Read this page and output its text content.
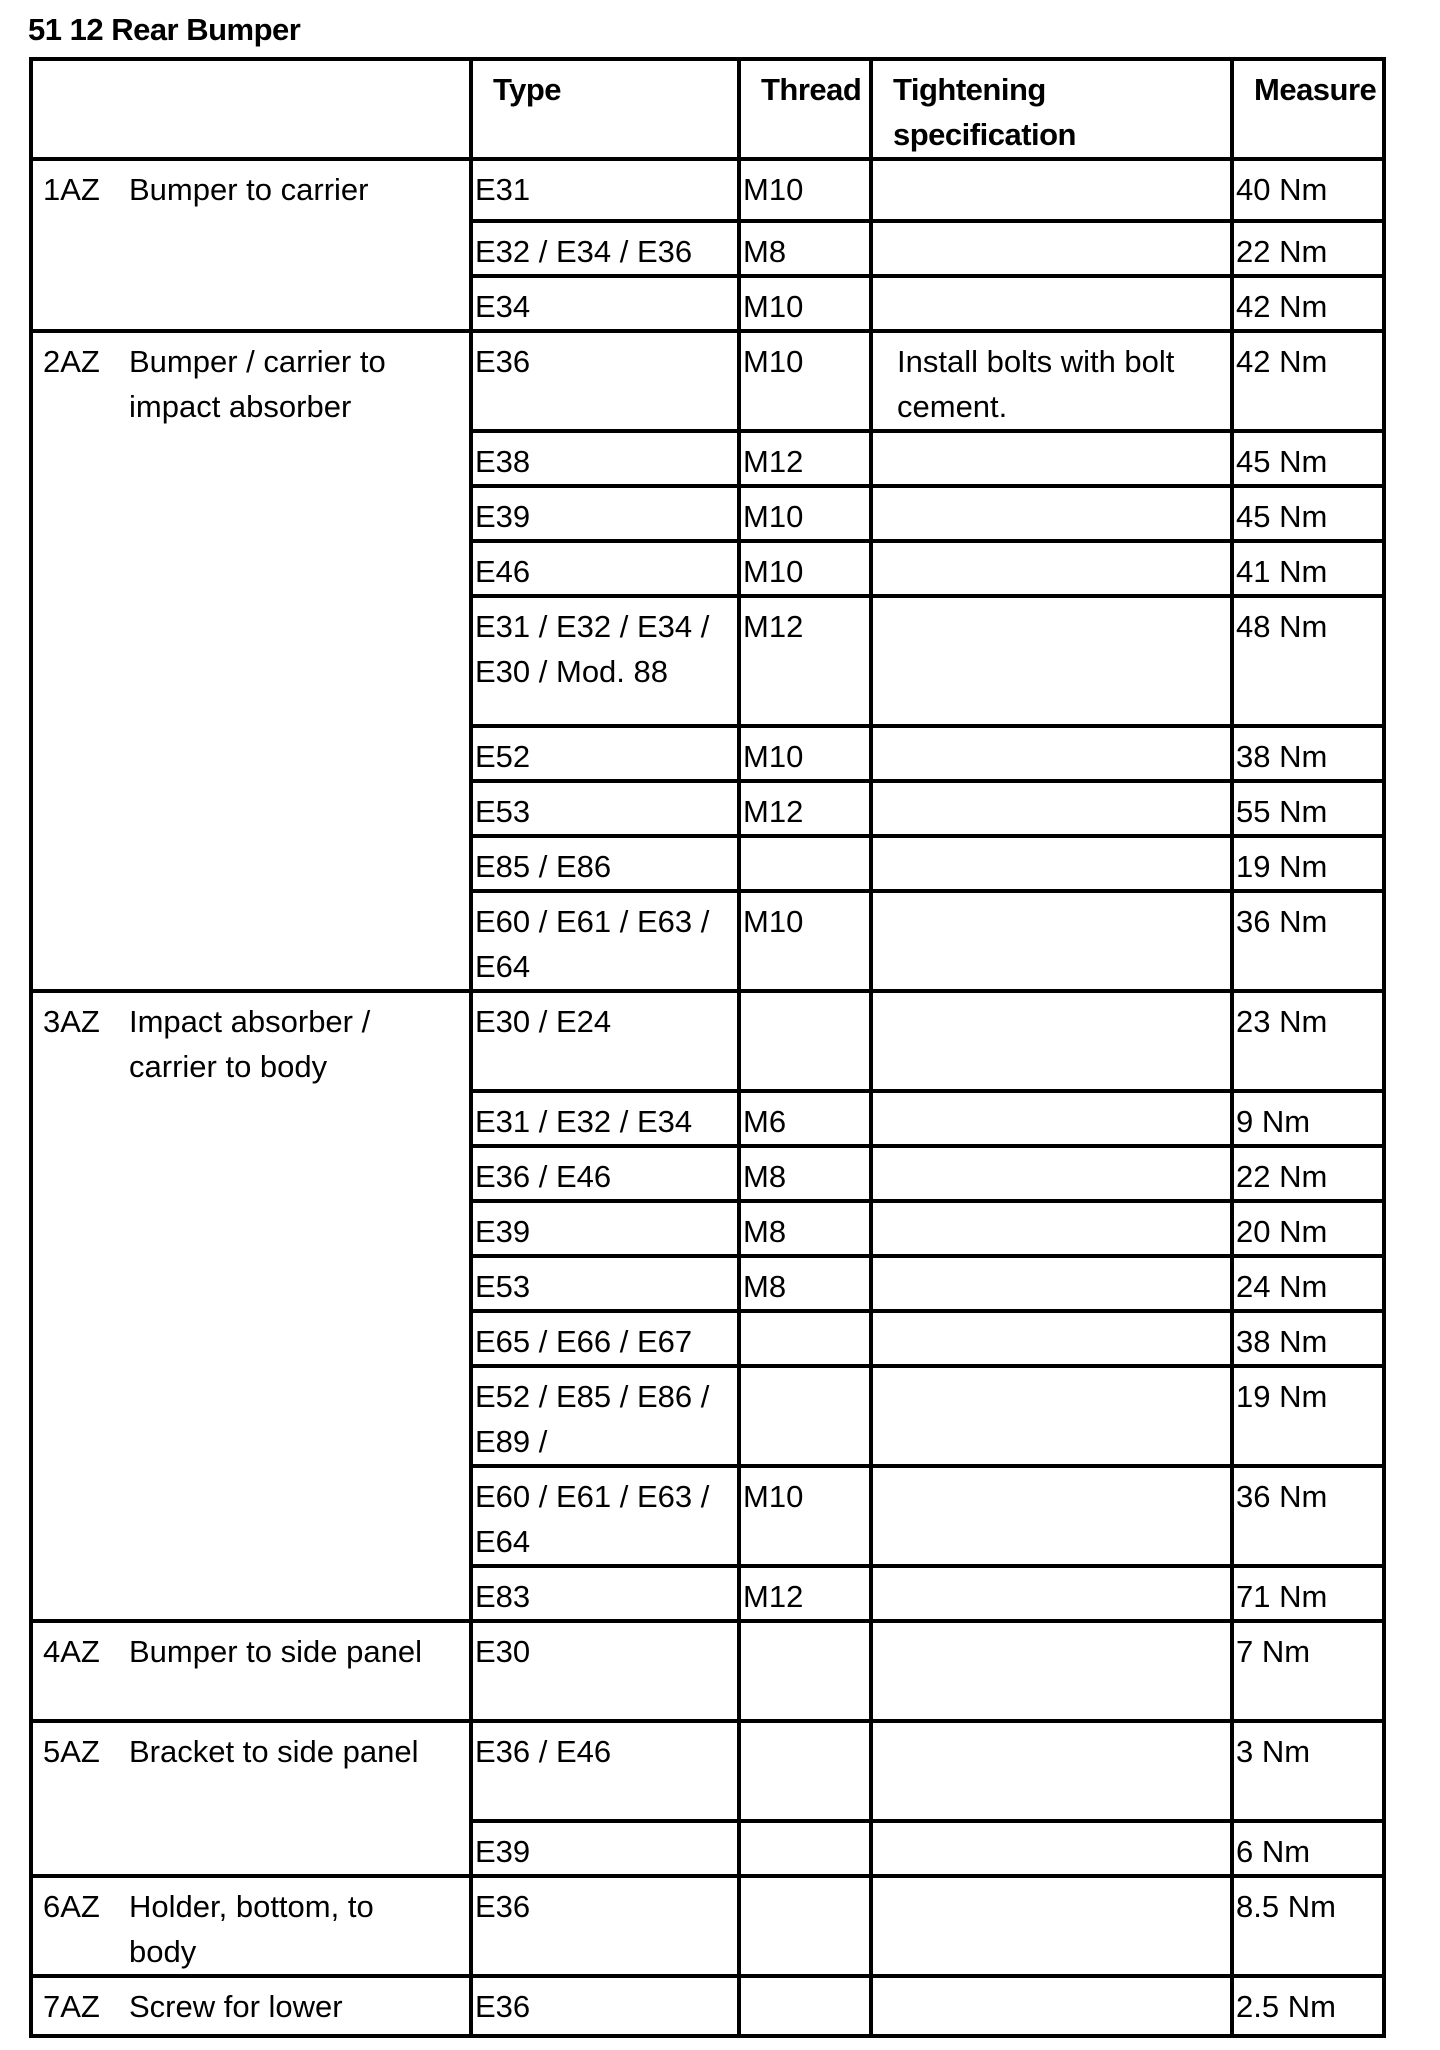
51 12 Rear Bumper
	Type	Thread	Tightening specification	Measure
1AZ Bumper to carrier	E31	M10		40 Nm
	E32 / E34 / E36	M8		22 Nm
	E34	M10		42 Nm
2AZ Bumper / carrier to impact absorber	E36	M10	Install bolts with bolt cement.	42 Nm
	E38	M12		45 Nm
	E39	M10		45 Nm
	E46	M10		41 Nm
	E31 / E32 / E34 / E30 / Mod. 88	M12		48 Nm
	E52	M10		38 Nm
	E53	M12		55 Nm
	E85 / E86			19 Nm
	E60 / E61 / E63 / E64	M10		36 Nm
3AZ Impact absorber / carrier to body	E30 / E24			23 Nm
	E31 / E32 / E34	M6		9 Nm
	E36 / E46	M8		22 Nm
	E39	M8		20 Nm
	E53	M8		24 Nm
	E65 / E66 / E67			38 Nm
	E52 / E85 / E86 / E89 /			19 Nm
	E60 / E61 / E63 / E64	M10		36 Nm
	E83	M12		71 Nm
4AZ Bumper to side panel	E30			7 Nm
5AZ Bracket to side panel	E36 / E46			3 Nm
	E39			6 Nm
6AZ Holder, bottom, to body	E36			8.5 Nm
7AZ Screw for lower	E36			2.5 Nm
